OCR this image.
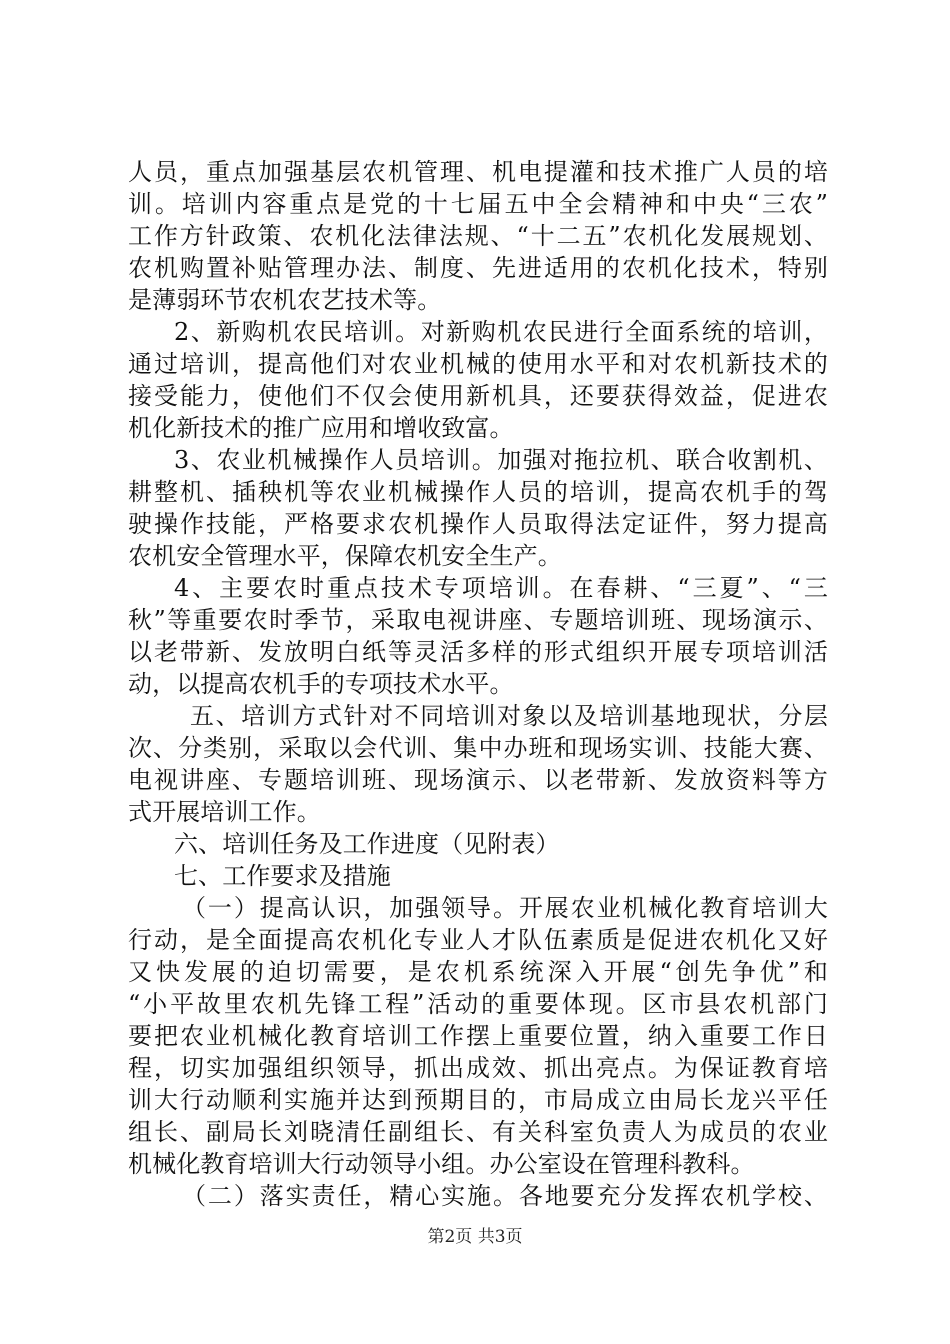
人员，重点加强基层农机管理、机电提灌和技术推广人员的培
训。培训内容重点是党的十七届五中全会精神和中央“三农”
工作方针政策、农机化法律法规、“十二五”农机化发展规划、
农机购置补贴管理办法、制度、先进适用的农机化技术，特别
是薄弱环节农机农艺技术等。
2、新购机农民培训。对新购机农民进行全面系统的培训，
通过培训，提高他们对农业机械的使用水平和对农机新技术的
接受能力，使他们不仅会使用新机具，还要获得效益，促进农
机化新技术的推广应用和增收致富。
3、农业机械操作人员培训。加强对拖拉机、联合收割机、
耕整机、插秧机等农业机械操作人员的培训，提高农机手的驾
驶操作技能，严格要求农机操作人员取得法定证件，努力提高
农机安全管理水平，保障农机安全生产。
4、主要农时重点技术专项培训。在春耕、“三夏”、“三
秋”等重要农时季节，采取电视讲座、专题培训班、现场演示、
以老带新、发放明白纸等灵活多样的形式组织开展专项培训活
动，以提高农机手的专项技术水平。
五、培训方式针对不同培训对象以及培训基地现状，分层
次、分类别，采取以会代训、集中办班和现场实训、技能大赛、
电视讲座、专题培训班、现场演示、以老带新、发放资料等方
式开展培训工作。
六、培训任务及工作进度（见附表）
七、工作要求及措施
（一）提高认识，加强领导。开展农业机械化教育培训大
行动，是全面提高农机化专业人才队伍素质是促进农机化又好
又快发展的迫切需要，是农机系统深入开展“创先争优”和
“小平故里农机先锋工程”活动的重要体现。区市县农机部门
要把农业机械化教育培训工作摆上重要位置，纳入重要工作日
程，切实加强组织领导，抓出成效、抓出亮点。为保证教育培
训大行动顺利实施并达到预期目的，市局成立由局长龙兴平任
组长、副局长刘晓清任副组长、有关科室负责人为成员的农业
机械化教育培训大行动领导小组。办公室设在管理科教科。
（二）落实责任，精心实施。各地要充分发挥农机学校、
第2页 共3页
